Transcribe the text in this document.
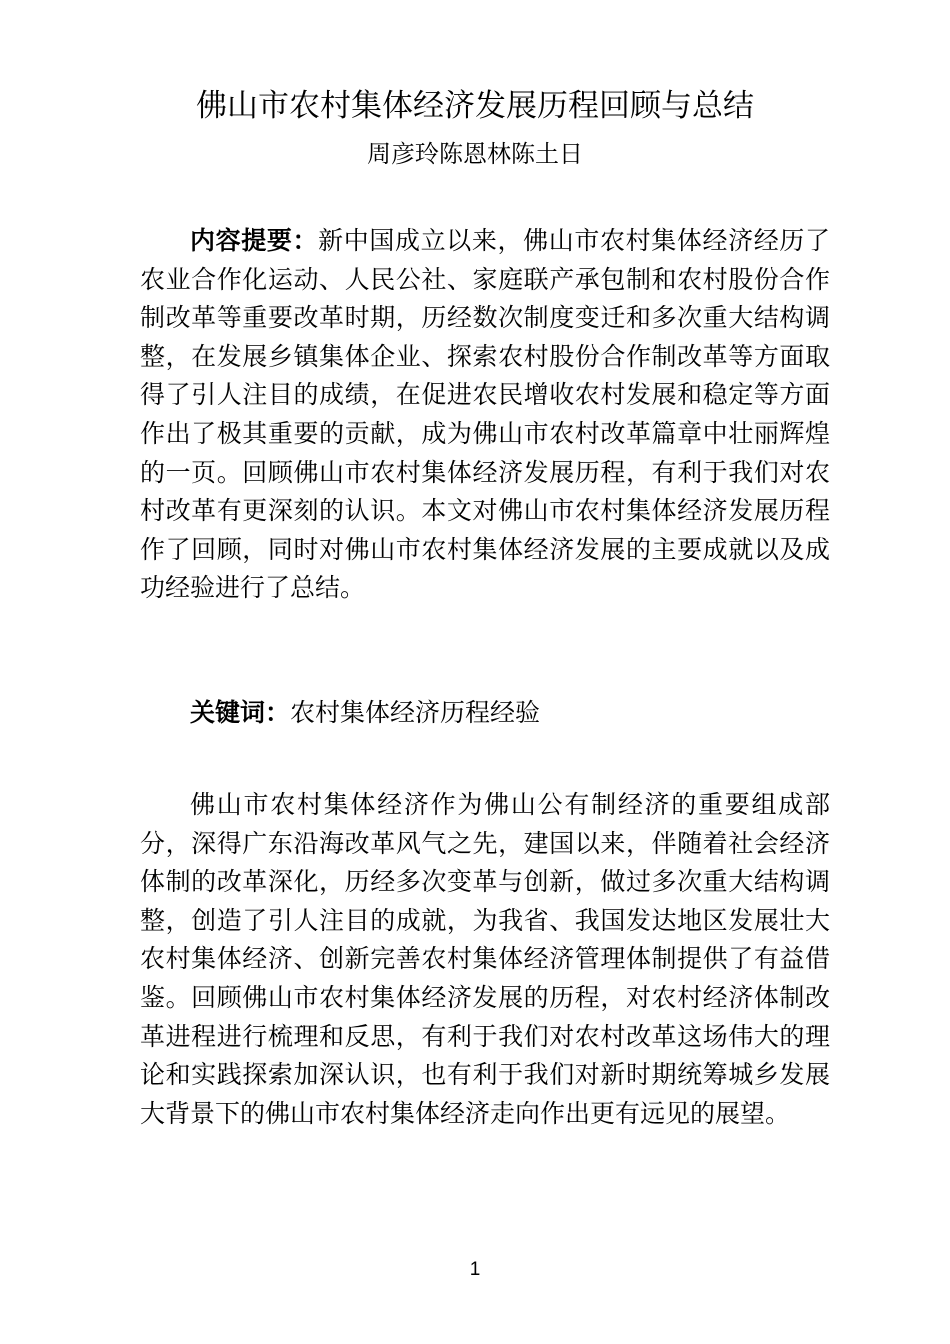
佛山市农村集体经济发展历程回顾与总结
周彦玲陈恩林陈土日

内容提要：新中国成立以来，佛山市农村集体经济经历了农业合作化运动、人民公社、家庭联产承包制和农村股份合作制改革等重要改革时期，历经数次制度变迁和多次重大结构调整，在发展乡镇集体企业、探索农村股份合作制改革等方面取得了引人注目的成绩，在促进农民增收农村发展和稳定等方面作出了极其重要的贡献，成为佛山市农村改革篇章中壮丽辉煌的一页。回顾佛山市农村集体经济发展历程，有利于我们对农村改革有更深刻的认识。本文对佛山市农村集体经济发展历程作了回顾，同时对佛山市农村集体经济发展的主要成就以及成功经验进行了总结。

关键词：农村集体经济历程经验

佛山市农村集体经济作为佛山公有制经济的重要组成部分，深得广东沿海改革风气之先，建国以来，伴随着社会经济体制的改革深化，历经多次变革与创新，做过多次重大结构调整，创造了引人注目的成就，为我省、我国发达地区发展壮大农村集体经济、创新完善农村集体经济管理体制提供了有益借鉴。回顾佛山市农村集体经济发展的历程，对农村经济体制改革进程进行梳理和反思，有利于我们对农村改革这场伟大的理论和实践探索加深认识，也有利于我们对新时期统筹城乡发展大背景下的佛山市农村集体经济走向作出更有远见的展望。

1
